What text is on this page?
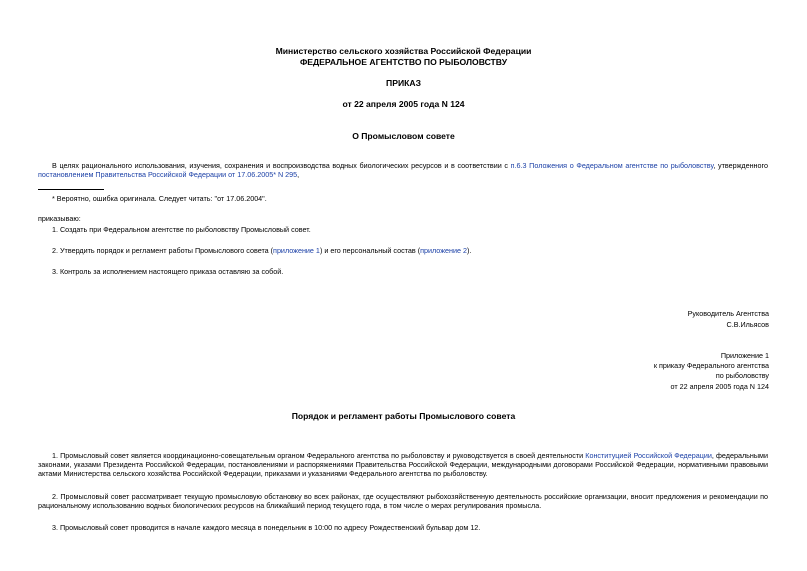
Министерство сельского хозяйства Российской Федерации
ФЕДЕРАЛЬНОЕ АГЕНТСТВО ПО РЫБОЛОВСТВУ
ПРИКАЗ
от 22 апреля 2005 года N 124
О Промысловом совете
В целях рационального использования, изучения, сохранения и воспроизводства водных биологических ресурсов и в соответствии с п.6.3 Положения о Федеральном агентстве по рыболовству, утвержденного постановлением Правительства Российской Федерации от 17.06.2005* N 295,
* Вероятно, ошибка оригинала. Следует читать: "от 17.06.2004".
приказываю:
1. Создать при Федеральном агентстве по рыболовству Промысловый совет.
2. Утвердить порядок и регламент работы Промыслового совета (приложение 1) и его персональный состав (приложение 2).
3. Контроль за исполнением настоящего приказа оставляю за собой.
Руководитель Агентства
С.В.Ильясов
Приложение 1
к приказу Федерального агентства
по рыболовству
от 22 апреля 2005 года N 124
Порядок и регламент работы Промыслового совета
1. Промысловый совет является координационно-совещательным органом Федерального агентства по рыболовству и руководствуется в своей деятельности Конституцией Российской Федерации, федеральными законами, указами Президента Российской Федерации, постановлениями и распоряжениями Правительства Российской Федерации, международными договорами Российской Федерации, нормативными правовыми актами Министерства сельского хозяйства Российской Федерации, приказами и указаниями Федерального агентства по рыболовству.
2. Промысловый совет рассматривает текущую промысловую обстановку во всех районах, где осуществляют рыбохозяйственную деятельность российские организации, вносит предложения и рекомендации по рациональному использованию водных биологических ресурсов на ближайший период текущего года, в том числе о мерах регулирования промысла.
3. Промысловый совет проводится в начале каждого месяца в понедельник в 10:00 по адресу Рождественский бульвар дом 12.
